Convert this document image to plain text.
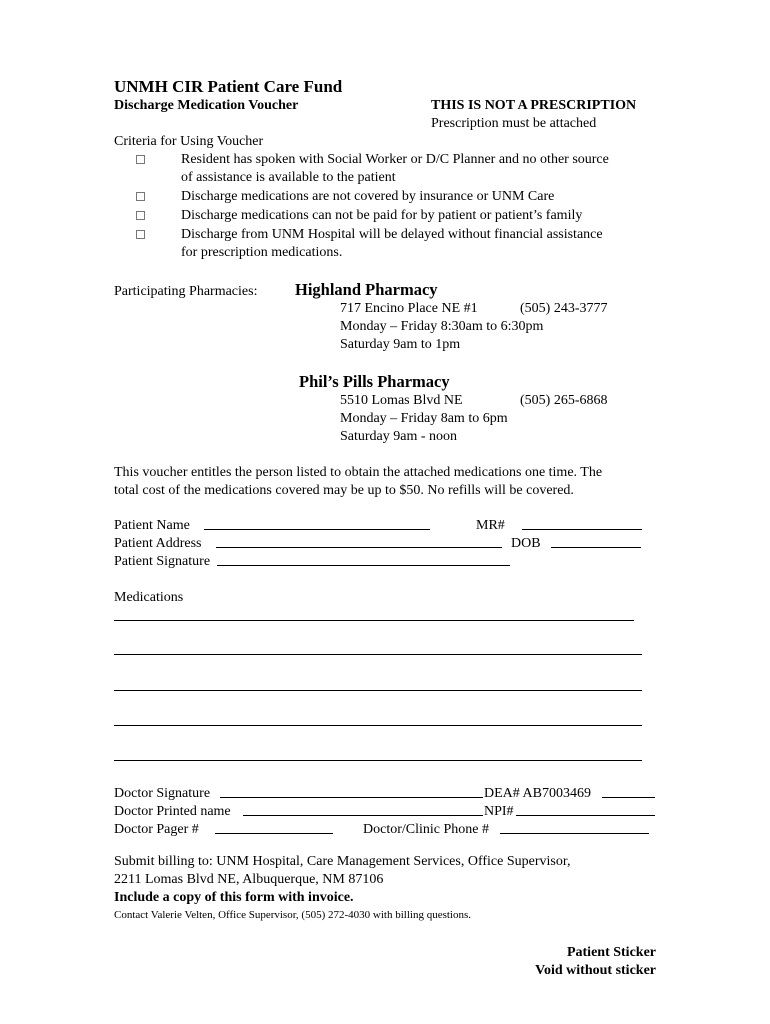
UNMH CIR Patient Care Fund
Discharge Medication Voucher	THIS IS NOT A PRESCRIPTION
Prescription must be attached
Criteria for Using Voucher
Resident has spoken with Social Worker or D/C Planner and no other source
of assistance is available to the patient
Discharge medications are not covered by insurance or UNM Care
Discharge medications can not be paid for by patient or patient’s family
Discharge from UNM Hospital will be delayed without financial assistance
for prescription medications.
Participating Pharmacies: Highland Pharmacy
717 Encino Place NE #1	(505) 243-3777
Monday – Friday 8:30am to 6:30pm
Saturday 9am to 1pm
Phil’s Pills Pharmacy
5510 Lomas Blvd NE	(505) 265-6868
Monday – Friday 8am to 6pm
Saturday 9am - noon
This voucher entitles the person listed to obtain the attached medications one time. The
total cost of the medications covered may be up to $50. No refills will be covered.
Patient Name	MR#
Patient Address	DOB
Patient Signature
Medications
Doctor Signature	DEA# AB7003469
Doctor Printed name	NPI#
Doctor Pager #	Doctor/Clinic Phone #
Submit billing to: UNM Hospital, Care Management Services, Office Supervisor,
2211 Lomas Blvd NE, Albuquerque, NM 87106
Include a copy of this form with invoice.
Contact Valerie Velten, Office Supervisor, (505) 272-4030 with billing questions.
Patient Sticker
Void without sticker
